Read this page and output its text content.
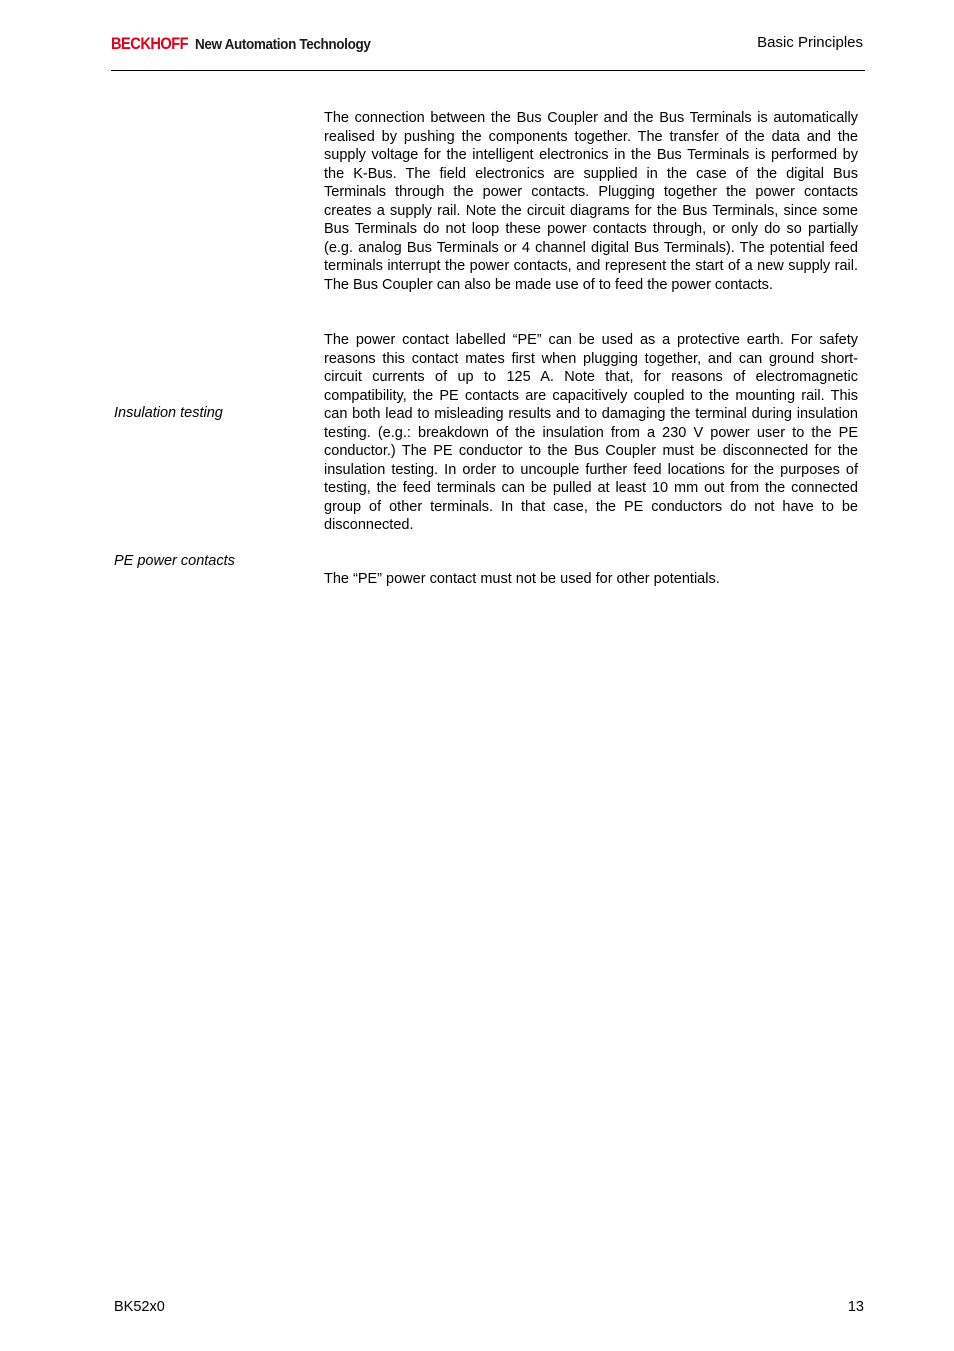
BECKHOFF New Automation Technology	Basic Principles

The connection between the Bus Coupler and the Bus Terminals is automatically realised by pushing the components together. The transfer of the data and the supply voltage for the intelligent electronics in the Bus Terminals is performed by the K-Bus. The field electronics are supplied in the case of the digital Bus Terminals through the power contacts. Plugging together the power contacts creates a supply rail. Note the circuit diagrams for the Bus Terminals, since some Bus Terminals do not loop these power contacts through, or only do so partially (e.g. analog Bus Terminals or 4 channel digital Bus Terminals). The potential feed terminals interrupt the power contacts, and represent the start of a new supply rail. The Bus Coupler can also be made use of to feed the power contacts.

Insulation testing

The power contact labelled “PE” can be used as a protective earth. For safety reasons this contact mates first when plugging together, and can ground short-circuit currents of up to 125 A. Note that, for reasons of electromagnetic compatibility, the PE contacts are capacitively coupled to the mounting rail. This can both lead to misleading results and to damaging the terminal during insulation testing. (e.g.: breakdown of the insulation from a 230 V power user to the PE conductor.) The PE conductor to the Bus Coupler must be disconnected for the insulation testing. In order to uncouple further feed locations for the purposes of testing, the feed terminals can be pulled at least 10 mm out from the connected group of other terminals. In that case, the PE conductors do not have to be disconnected.

PE power contacts

The “PE” power contact must not be used for other potentials.

BK52x0	13
